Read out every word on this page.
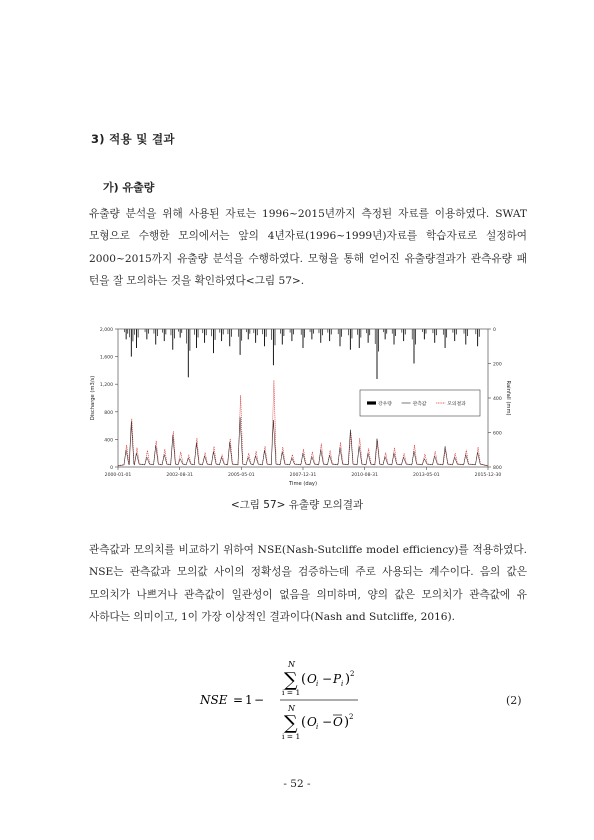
3) 적용 및 결과
가) 유출량
유출량 분석을 위해 사용된 자료는 1996~2015년까지 측정된 자료를 이용하였다. SWAT
모형으로 수행한 모의에서는 앞의 4년자료(1996~1999년)자료를 학습자료로 설정하여
2000~2015까지 유출량 분석을 수행하였다. 모형을 통해 얻어진 유출량결과가 관측유량 패
턴을 잘 모의하는 것을 확인하였다<그림 57>.
0
400
800
1,200
1,600
2,000	0
200
400
600
800
2000-01-01	2002-08-31	2005-05-01	2007-12-31	2010-08-31	2013-05-01	2015-12-30
Discharge (m3/s)	Rainfall (mm)
Time (day)
강우량	관측값	모의결과
<그림 57> 유출량 모의결과
관측값과 모의치를 비교하기 위하여 NSE(Nash-Sutcliffe model efficiency)를 적용하였다.
NSE는 관측값과 모의값 사이의 정확성을 검증하는데 주로 사용되는 계수이다. 음의 값은
모의치가 나쁘거나 관측값이 일관성이 없음을 의미하며, 양의 값은 모의치가 관측값에 유
사하다는 의미이고, 1이 가장 이상적인 결과이다(Nash and Sutcliffe, 2016).
NSE = 1 −
N
∑
i = 1
( O i − P i ) 2
N
∑
i = 1
( O i − O ) 2
(2)
- 52 -
